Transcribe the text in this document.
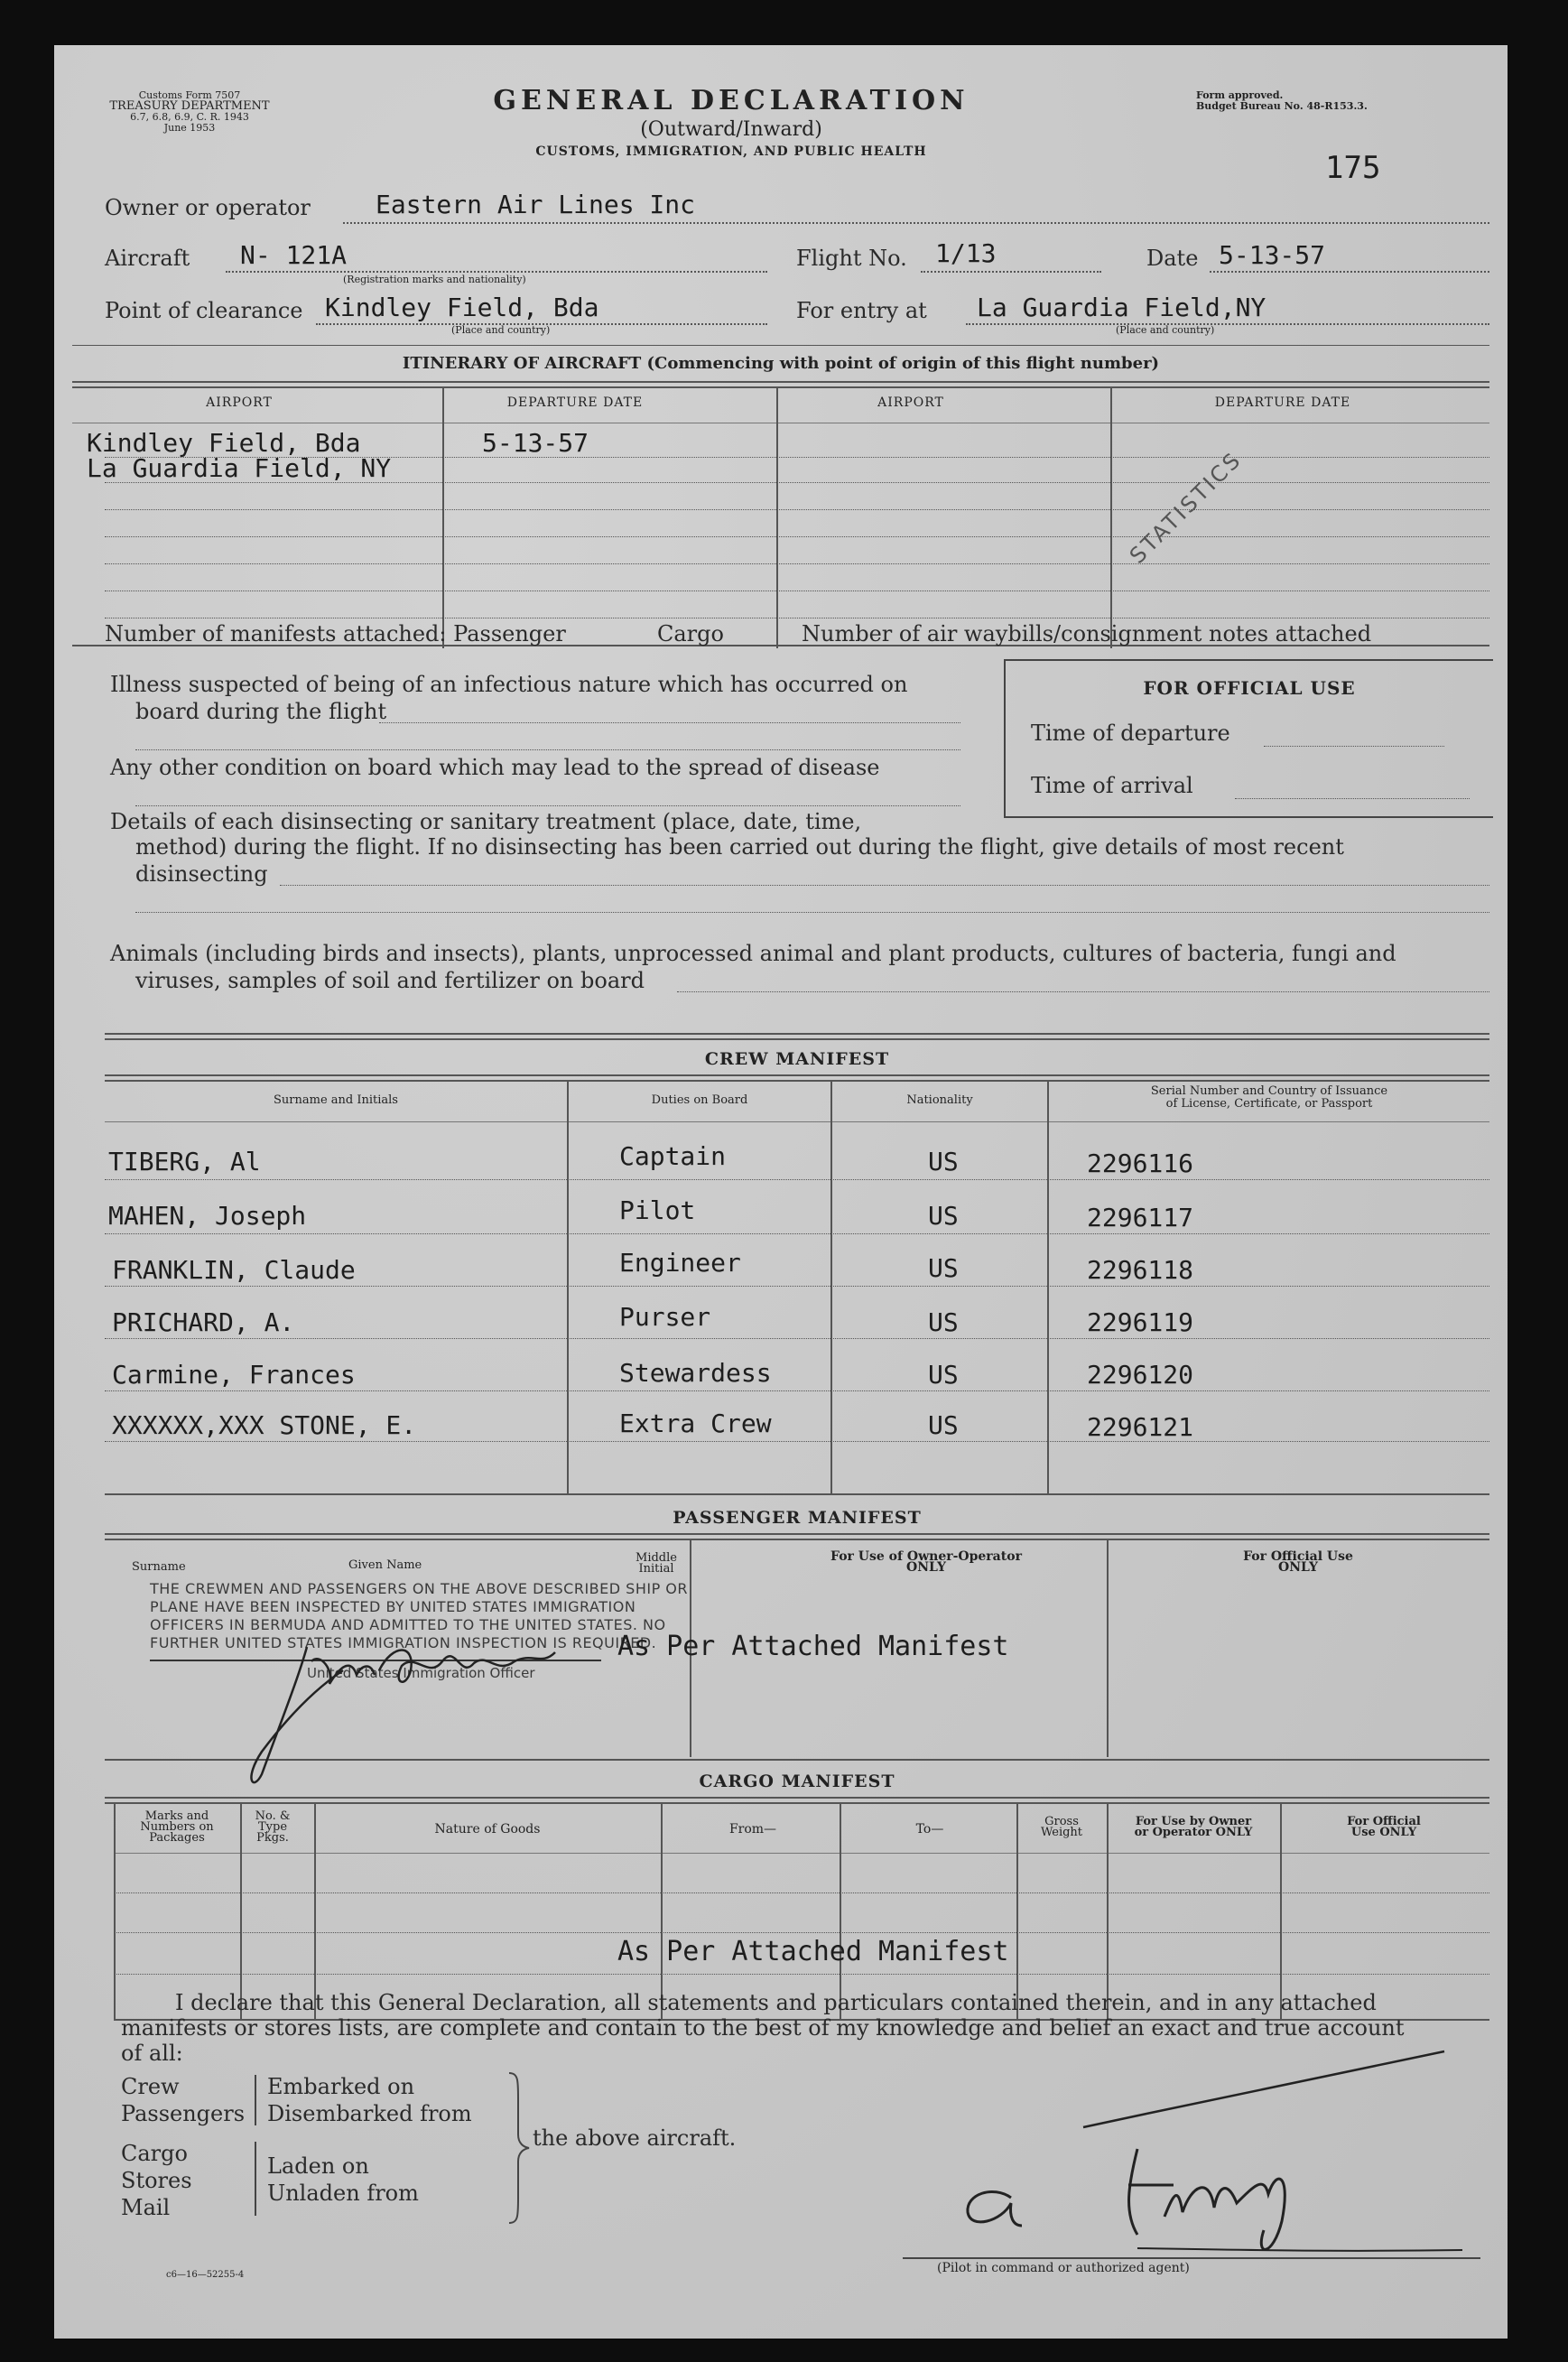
Customs Form 7507
TREASURY DEPARTMENT
6.7, 6.8, 6.9, C. R. 1943
June 1953
GENERAL DECLARATION
(Outward/Inward)
CUSTOMS, IMMIGRATION, AND PUBLIC HEALTH
Form approved.
Budget Bureau No. 48-R153.3.
175
Owner or operator	Eastern Air Lines Inc
Aircraft N- 121A
(Registration marks and nationality)
Flight No. 1/13	Date 5-13-57
Point of clearance Kindley Field, Bda
(Place and country)
For entry at La Guardia Field,NY
(Place and country)
ITINERARY OF AIRCRAFT (Commencing with point of origin of this flight number)
AIRPORT	DEPARTURE DATE	AIRPORT	DEPARTURE DATE
Kindley Field, Bda	5-13-57
La Guardia Field, NY	STATISTICS
Number of manifests attached: Passenger	Cargo	Number of air waybills/consignment notes attached
Illness suspected of being of an infectious nature which has occurred on
board during the flight
Any other condition on board which may lead to the spread of disease
Details of each disinsecting or sanitary treatment (place, date, time,
method) during the flight. If no disinsecting has been carried out during the flight, give details of most recent
disinsecting
Animals (including birds and insects), plants, unprocessed animal and plant products, cultures of bacteria, fungi and
viruses, samples of soil and fertilizer on board
FOR OFFICIAL USE
Time of departure
Time of arrival
CREW MANIFEST
Surname and Initials	Duties on Board	Nationality
Serial Number and Country of Issuance
of License, Certificate, or Passport
TIBERG, Al	Captain	US	2296116
MAHEN, Joseph	Pilot	US	2296117
FRANKLIN, Claude	Engineer	US	2296118
PRICHARD, A.	Purser	US	2296119
Carmine, Frances	Stewardess	US	2296120
XXXXXX,XXX STONE, E.	Extra Crew	US	2296121
PASSENGER MANIFEST
Surname	Given Name
Middle
Initial
For Use of Owner-Operator
ONLY
For Official Use
ONLY
THE CREWMEN AND PASSENGERS ON THE ABOVE DESCRIBED SHIP OR
PLANE HAVE BEEN INSPECTED BY UNITED STATES IMMIGRATION
OFFICERS IN BERMUDA AND ADMITTED TO THE UNITED STATES. NO
FURTHER UNITED STATES IMMIGRATION INSPECTION IS REQUIRED.
United States Immigration Officer
As Per Attached Manifest
CARGO MANIFEST
Marks and
Numbers on
Packages
No. &
Type
Pkgs.
Nature of Goods	From—	To—
Gross
Weight
For Use by Owner
or Operator ONLY
For Official
Use ONLY
As Per Attached Manifest
I declare that this General Declaration, all statements and particulars contained therein, and in any attached
manifests or stores lists, are complete and contain to the best of my knowledge and belief an exact and true account
of all:
Crew
Passengers
Embarked on
Disembarked from
Cargo
Stores
Mail
Laden on
Unladen from
the above aircraft.
(Pilot in command or authorized agent)
c6—16—52255-4
